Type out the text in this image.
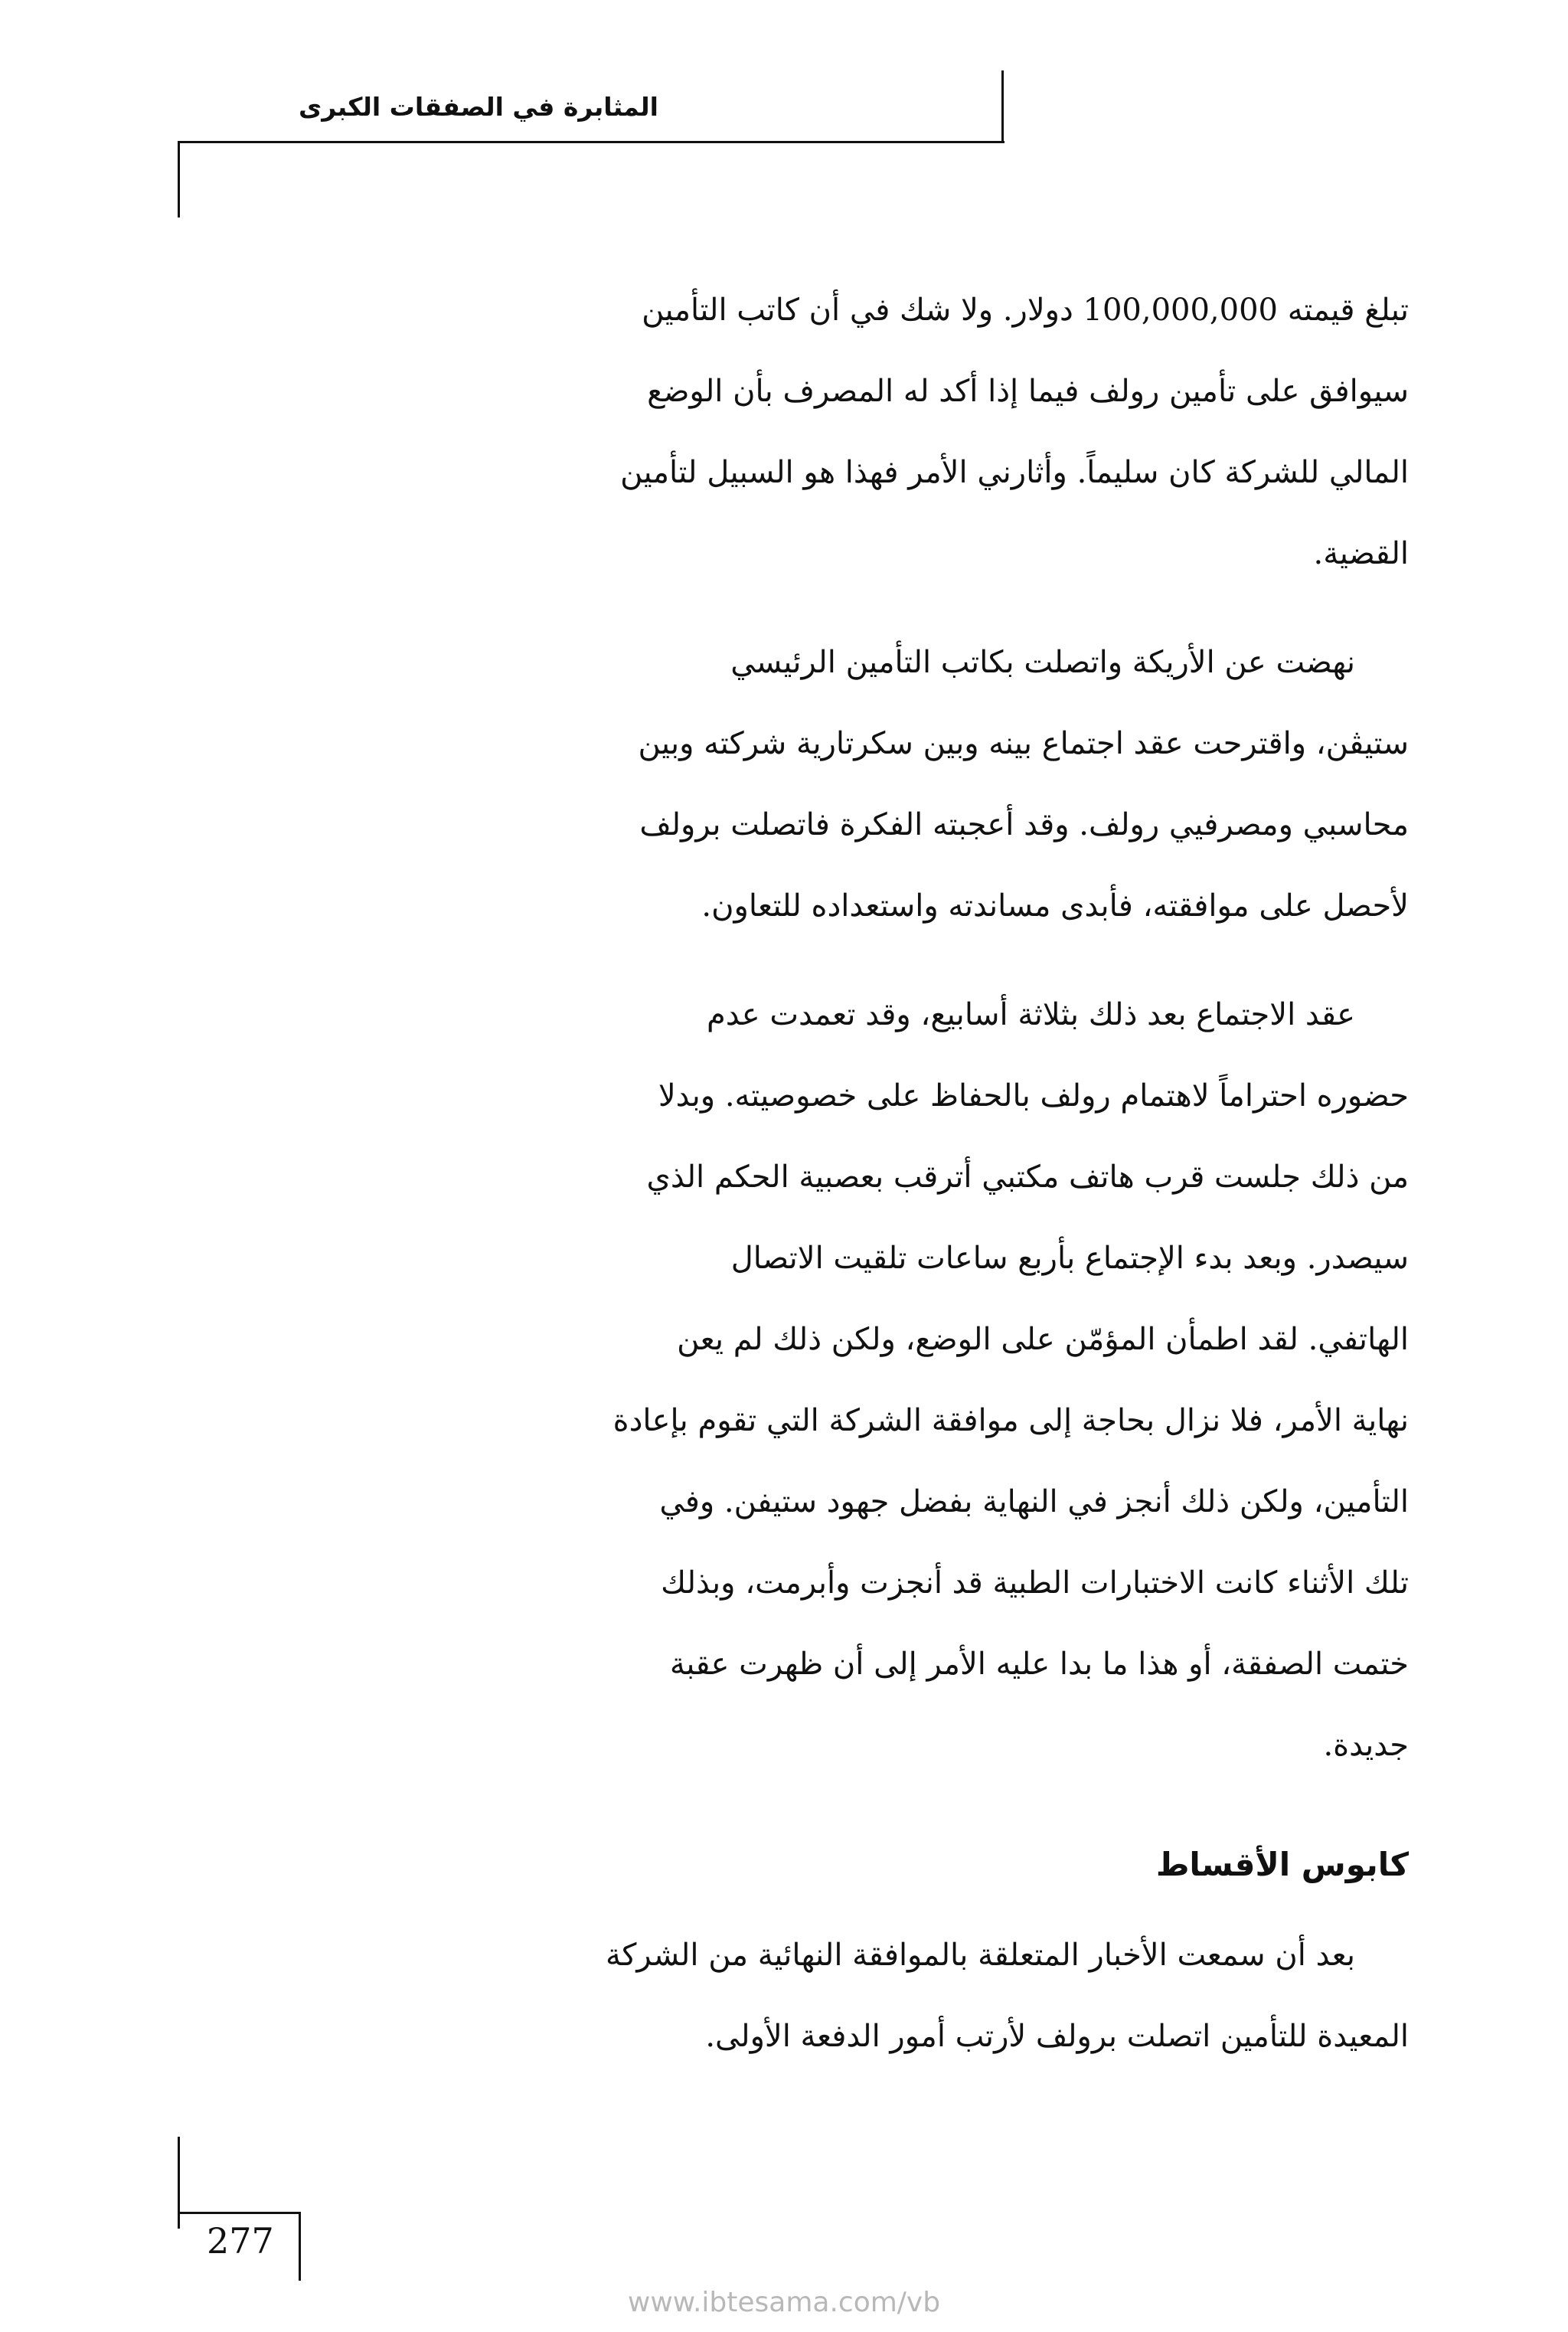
المثابرة في الصفقات الكبرى
تبلغ قيمته 100,000,000 دولار. ولا شك في أن كاتب التأمين
سيوافق على تأمين رولف فيما إذا أكد له المصرف بأن الوضع
المالي للشركة كان سليماً. وأثارني الأمر فهذا هو السبيل لتأمين
القضية.
نهضت عن الأريكة واتصلت بكاتب التأمين الرئيسي
ستيڤن، واقترحت عقد اجتماع بينه وبين سكرتارية شركته وبين
محاسبي ومصرفيي رولف. وقد أعجبته الفكرة فاتصلت برولف
لأحصل على موافقته، فأبدى مساندته واستعداده للتعاون.
عقد الاجتماع بعد ذلك بثلاثة أسابيع، وقد تعمدت عدم
حضوره احتراماً لاهتمام رولف بالحفاظ على خصوصيته. وبدلا
من ذلك جلست قرب هاتف مكتبي أترقب بعصبية الحكم الذي
سيصدر. وبعد بدء الإجتماع بأربع ساعات تلقيت الاتصال
الهاتفي. لقد اطمأن المؤمّن على الوضع، ولكن ذلك لم يعن
نهاية الأمر، فلا نزال بحاجة إلى موافقة الشركة التي تقوم بإعادة
التأمين، ولكن ذلك أنجز في النهاية بفضل جهود ستيفن. وفي
تلك الأثناء كانت الاختبارات الطبية قد أنجزت وأبرمت، وبذلك
ختمت الصفقة، أو هذا ما بدا عليه الأمر إلى أن ظهرت عقبة
جديدة.
كابوس الأقساط
بعد أن سمعت الأخبار المتعلقة بالموافقة النهائية من الشركة
المعيدة للتأمين اتصلت برولف لأرتب أمور الدفعة الأولى.
277
www.ibtesama.com/vb
